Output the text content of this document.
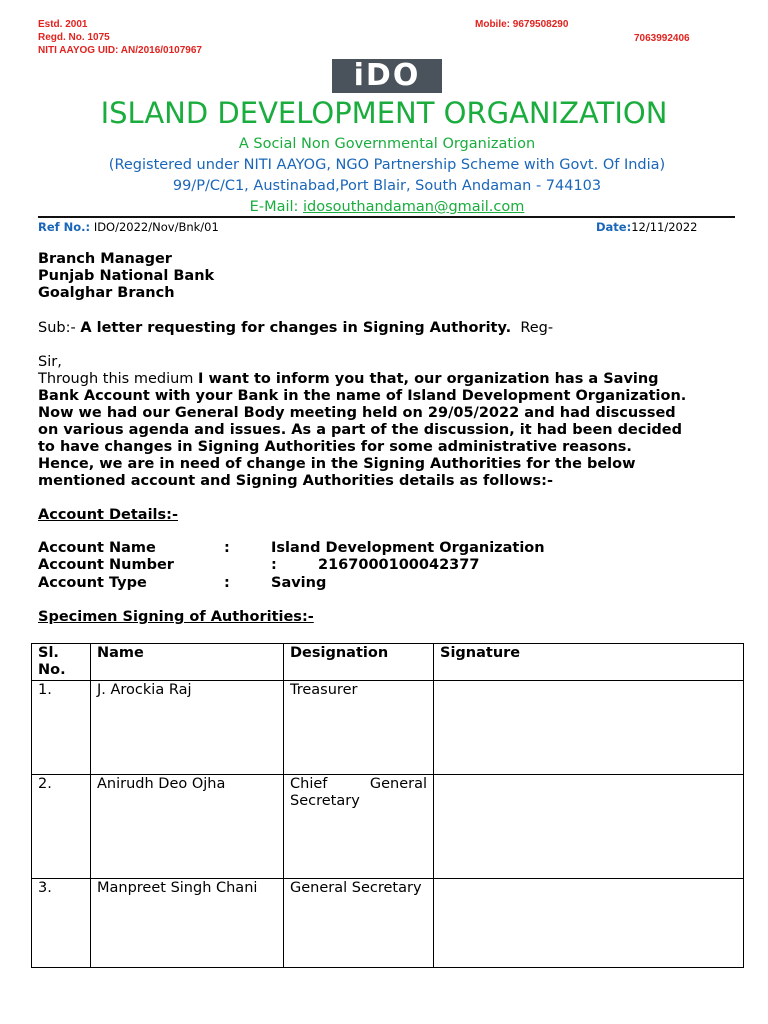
Estd. 2001
Regd. No. 1075
NITI AAYOG UID: AN/2016/0107967
Mobile: 9679508290
7063992406
iDO
ISLAND DEVELOPMENT ORGANIZATION
A Social Non Governmental Organization
(Registered under NITI AAYOG, NGO Partnership Scheme with Govt. Of India)
99/P/C/C1, Austinabad,Port Blair, South Andaman - 744103
E-Mail: idosouthandaman@gmail.com
Ref No.: IDO/2022/Nov/Bnk/01	Date:12/11/2022
Branch Manager
Punjab National Bank
Goalghar Branch
Sub:- A letter requesting for changes in Signing Authority. Reg-
Sir,
Through this medium I want to inform you that, our organization has a Saving
Bank Account with your Bank in the name of Island Development Organization.
Now we had our General Body meeting held on 29/05/2022 and had discussed
on various agenda and issues. As a part of the discussion, it had been decided
to have changes in Signing Authorities for some administrative reasons.
Hence, we are in need of change in the Signing Authorities for the below
mentioned account and Signing Authorities details as follows:-
Account Details:-
Account Name	:	Island Development Organization
Account Number	:	2167000100042377
Account Type	:	Saving
Specimen Signing of Authorities:-
Sl. No.	Name	Designation	Signature
1.	J. Arockia Raj	Treasurer	
2.	Anirudh Deo Ojha	Chief General
Secretary	

3.	Manpreet Singh Chani	General Secretary	
